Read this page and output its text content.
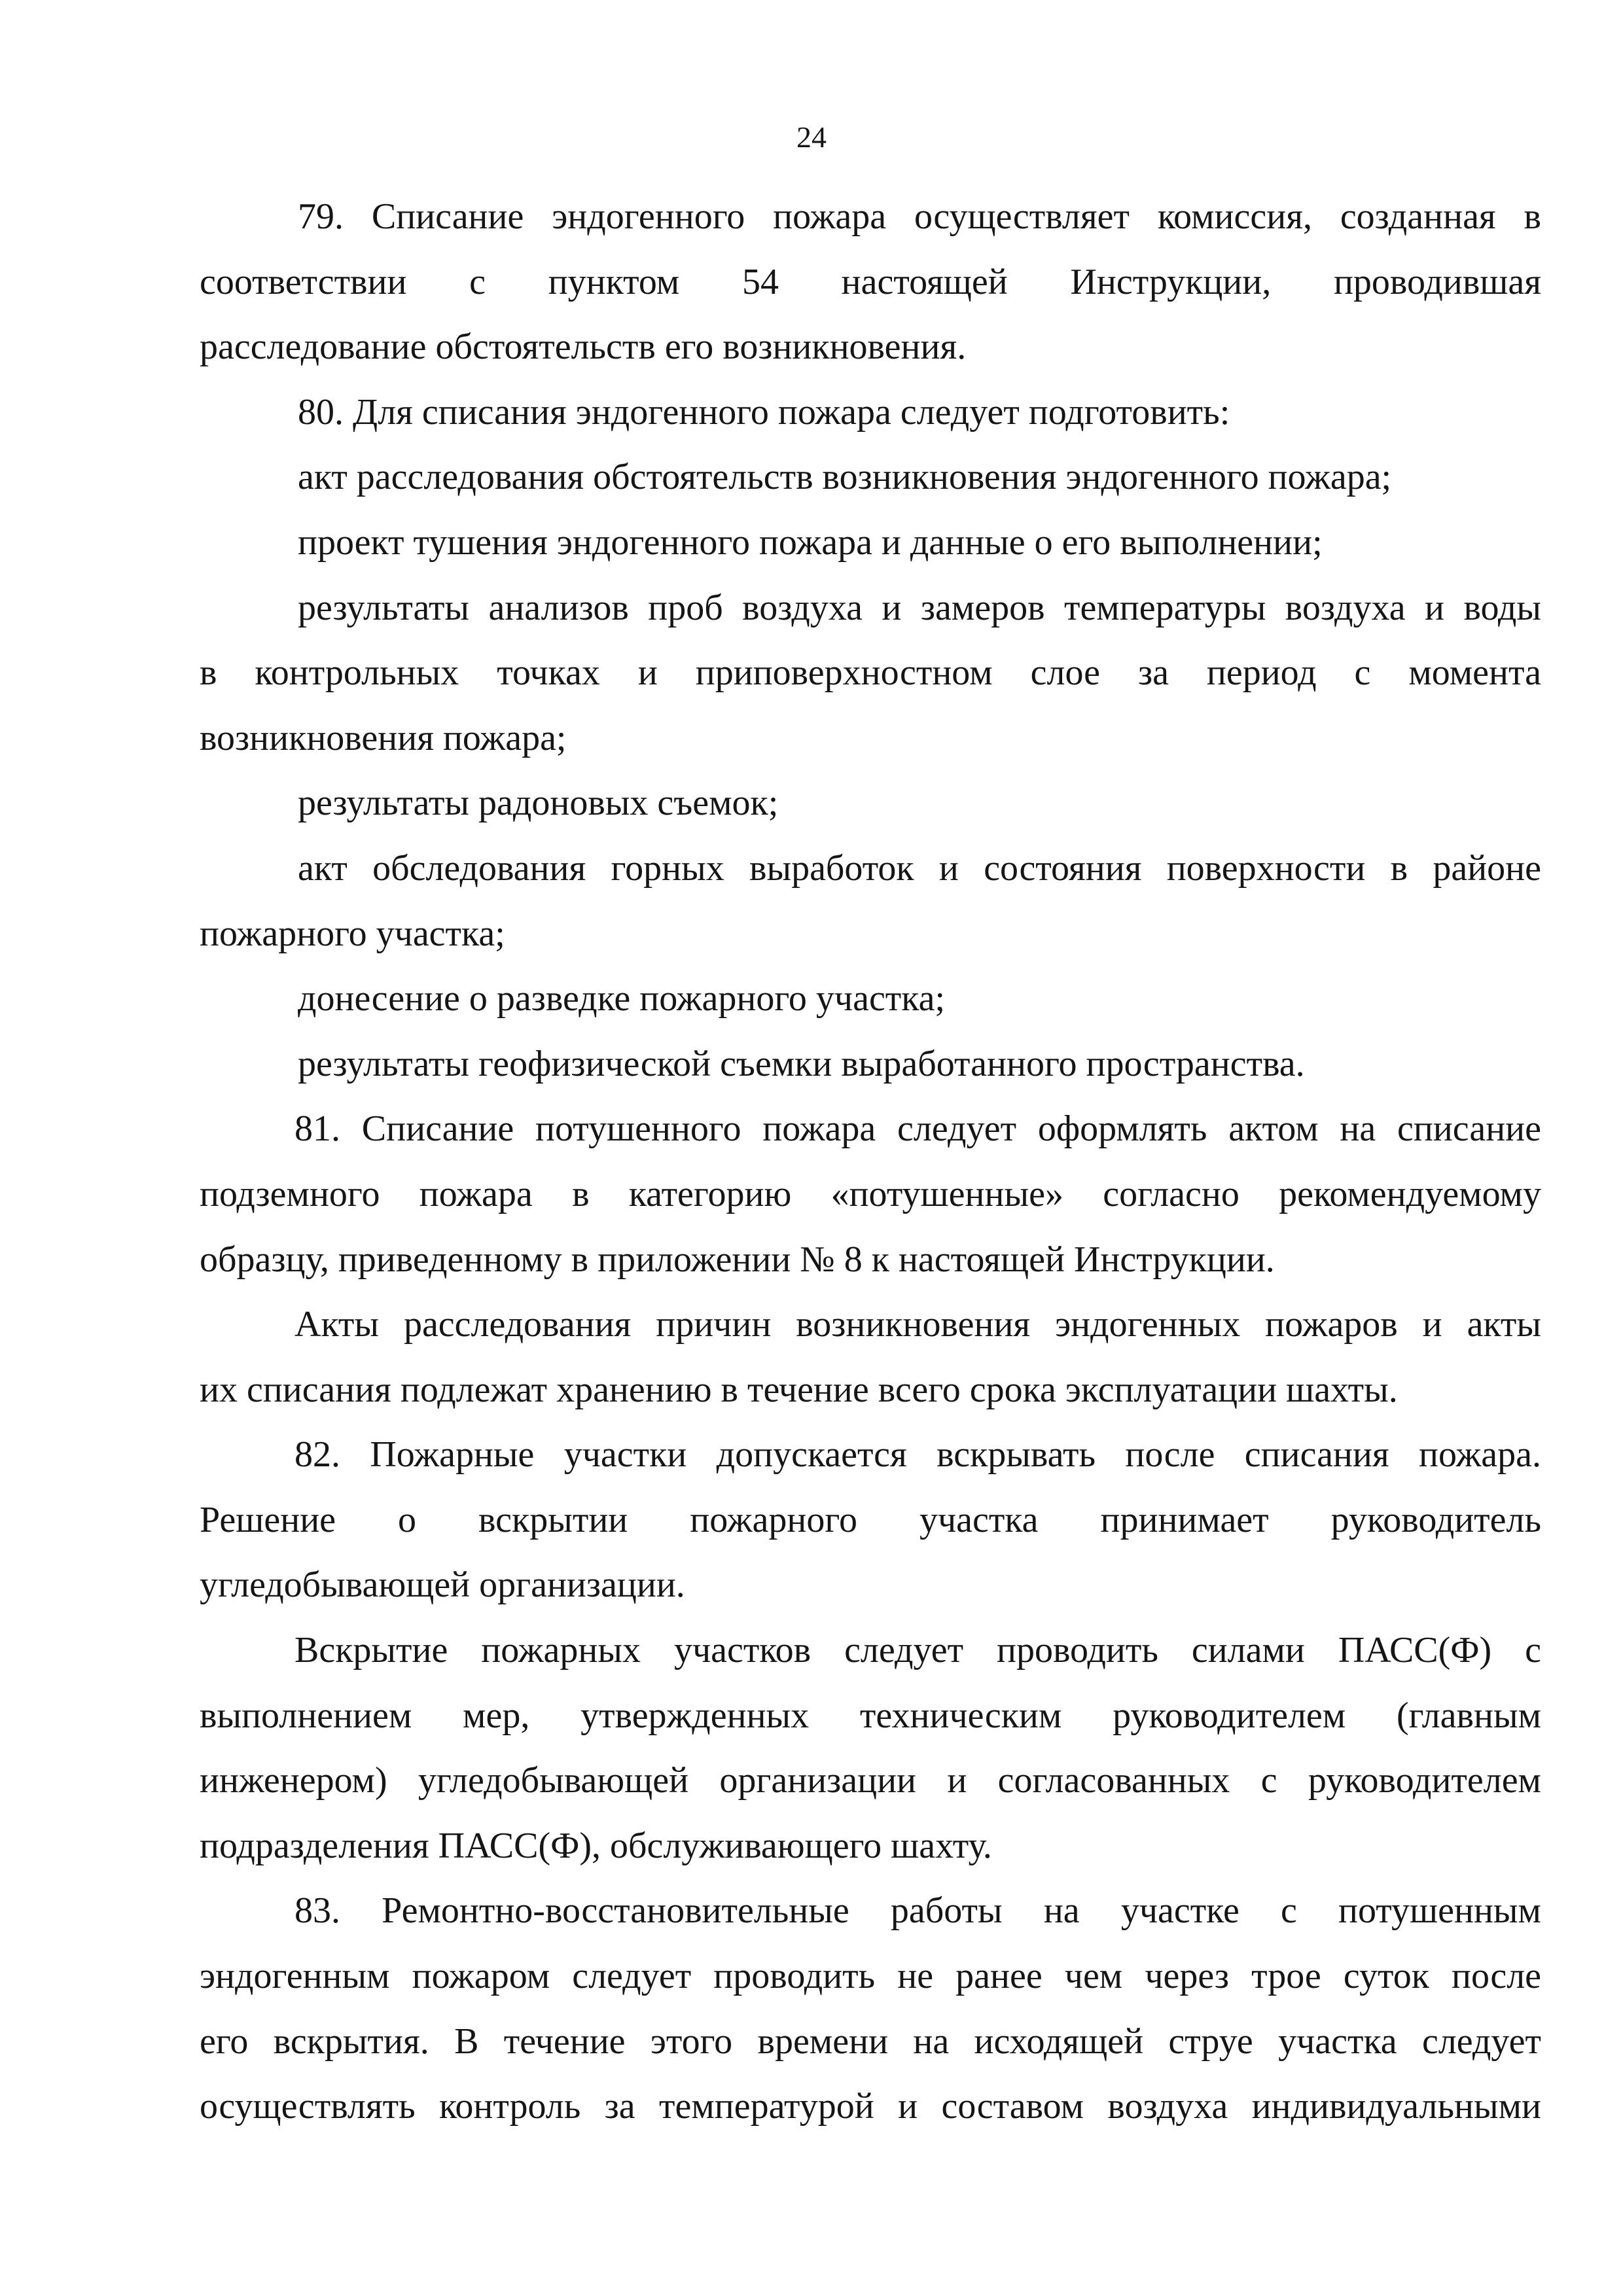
24
79. Списание эндогенного пожара осуществляет комиссия, созданная в
соответствии с пунктом 54 настоящей Инструкции, проводившая
расследование обстоятельств его возникновения.
80. Для списания эндогенного пожара следует подготовить:
акт расследования обстоятельств возникновения эндогенного пожара;
проект тушения эндогенного пожара и данные о его выполнении;
результаты анализов проб воздуха и замеров температуры воздуха и воды
в контрольных точках и приповерхностном слое за период с момента
возникновения пожара;
результаты радоновых съемок;
акт обследования горных выработок и состояния поверхности в районе
пожарного участка;
донесение о разведке пожарного участка;
результаты геофизической съемки выработанного пространства.
81. Списание потушенного пожара следует оформлять актом на списание
подземного пожара в категорию «потушенные» согласно рекомендуемому
образцу, приведенному в приложении № 8 к настоящей Инструкции.
Акты расследования причин возникновения эндогенных пожаров и акты
их списания подлежат хранению в течение всего срока эксплуатации шахты.
82. Пожарные участки допускается вскрывать после списания пожара.
Решение о вскрытии пожарного участка принимает руководитель
угледобывающей организации.
Вскрытие пожарных участков следует проводить силами ПАСС(Ф) с
выполнением мер, утвержденных техническим руководителем (главным
инженером) угледобывающей организации и согласованных с руководителем
подразделения ПАСС(Ф), обслуживающего шахту.
83. Ремонтно-восстановительные работы на участке с потушенным
эндогенным пожаром следует проводить не ранее чем через трое суток после
его вскрытия. В течение этого времени на исходящей струе участка следует
осуществлять контроль за температурой и составом воздуха индивидуальными
